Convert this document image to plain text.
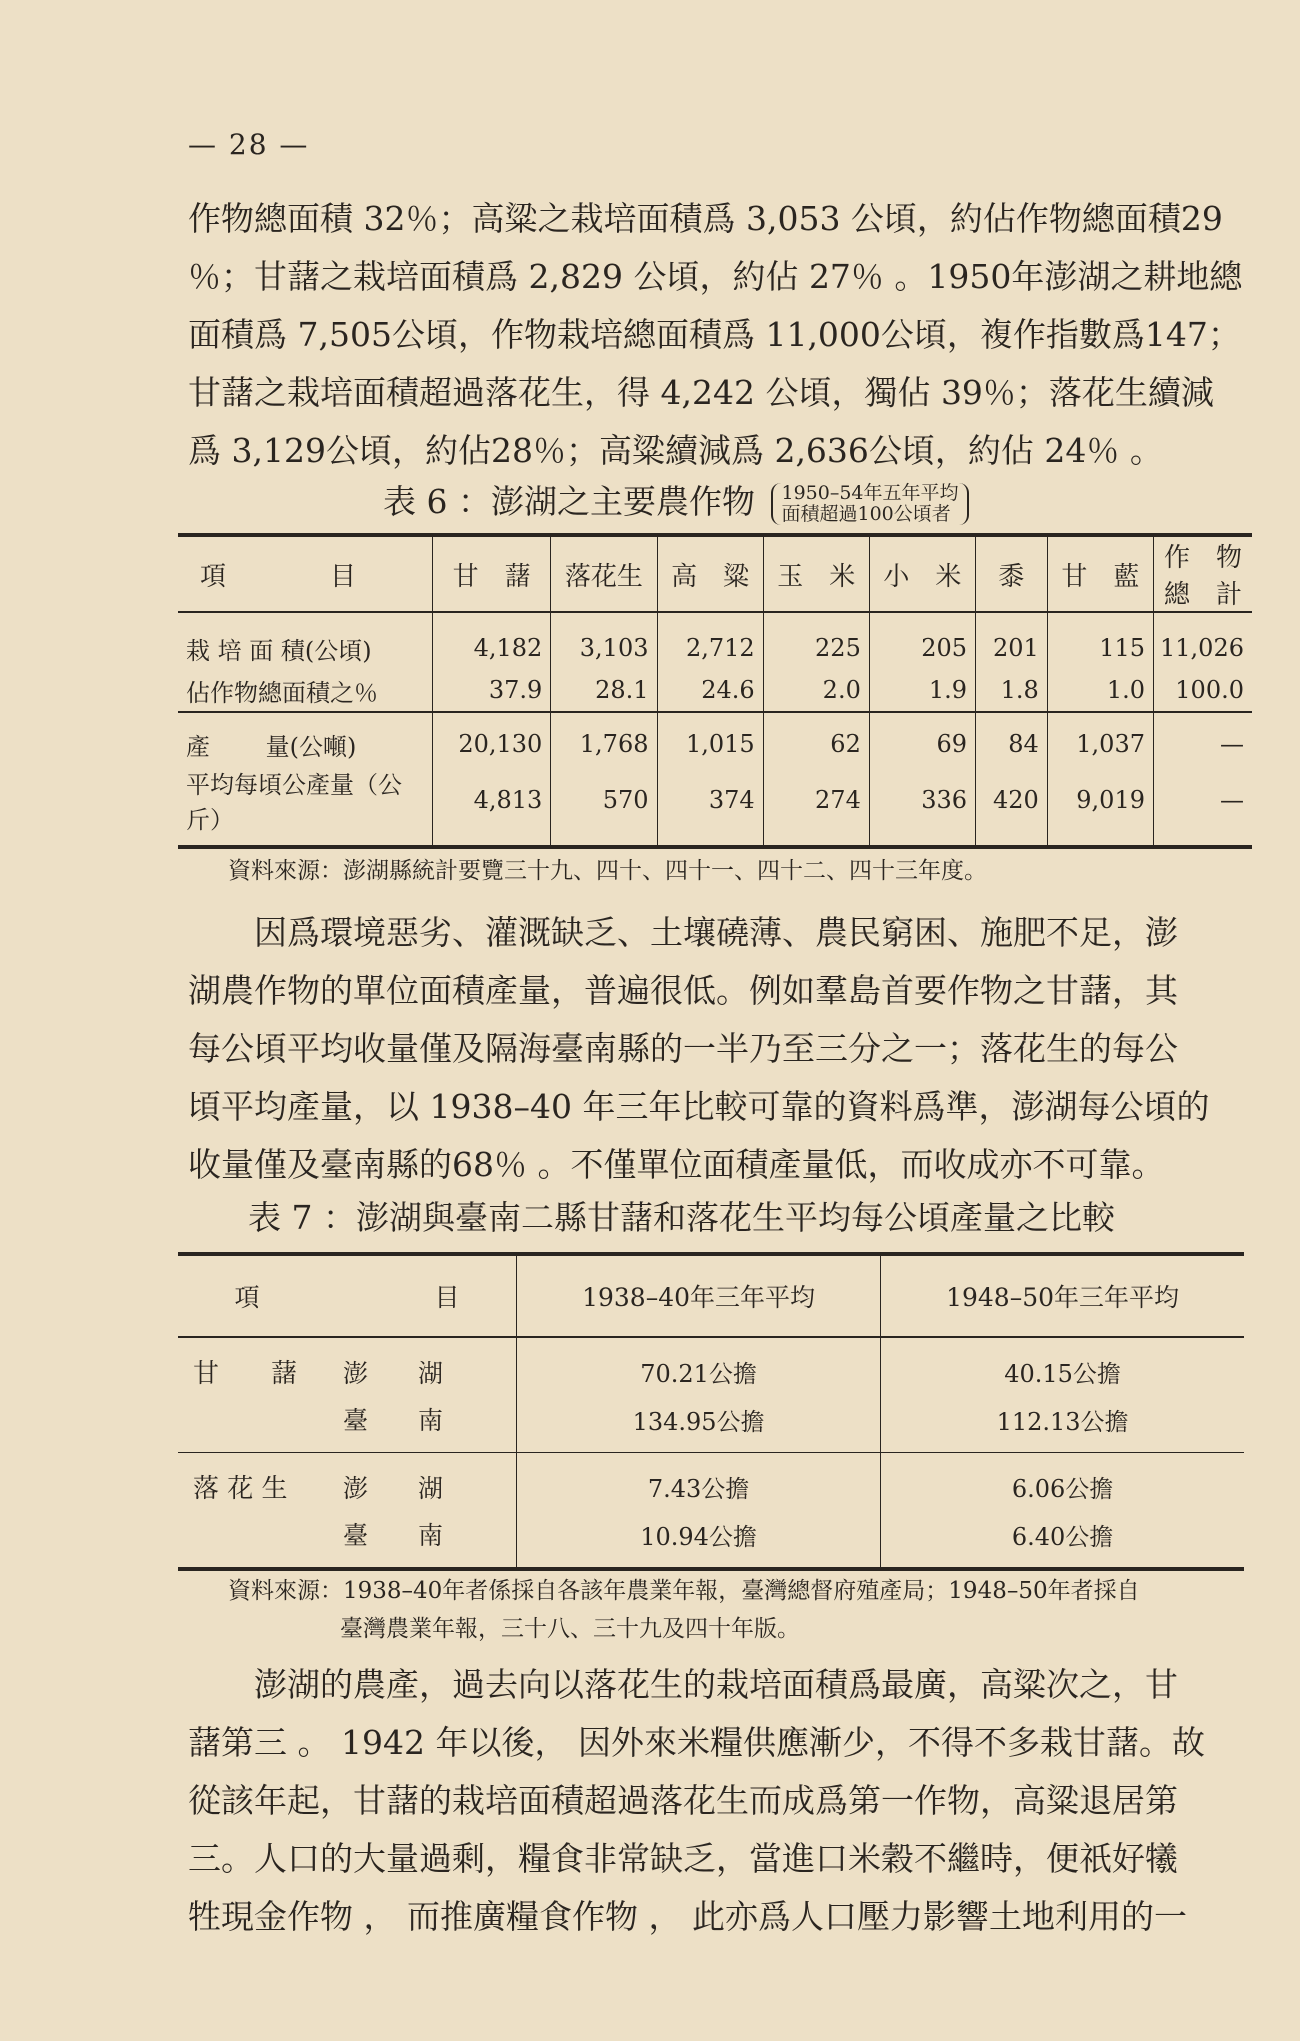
— 28 —
作物總面積 32％；高粱之栽培面積爲 3,053 公頃，約佔作物總面積29
％；甘藷之栽培面積爲 2,829 公頃，約佔 27％ 。1950年澎湖之耕地總
面積爲 7,505公頃，作物栽培總面積爲 11,000公頃，複作指數爲147；
甘藷之栽培面積超過落花生，得 4,242 公頃，獨佔 39％；落花生續減
爲 3,129公頃，約佔28％；高粱續減爲 2,636公頃，約佔 24％ 。
表 6 ：澎湖之主要農作物 1950–54年五年平均
面積超過100公頃者
項　　　　目	甘　藷	落花生	高　粱	玉　米	小　米	黍	甘　藍	作　物總　計
栽 培 面 積(公頃)	4,182	3,103	2,712	225	205	201	115	11,026
佔作物總面積之％	37.9	28.1	24.6	2.0	1.9	1.8	1.0	100.0
產　　 量(公噸)	20,130	1,768	1,015	62	69	84	1,037	—
平均每頃公產量（公　斤）	4,813	570	374	274	336	420	9,019	—
資料來源：澎湖縣統計要覽三十九、四十、四十一、四十二、四十三年度。
因爲環境惡劣、灌溉缺乏、土壤磽薄、農民窮困、施肥不足，澎
湖農作物的單位面積產量，普遍很低。例如羣島首要作物之甘藷，其
每公頃平均收量僅及隔海臺南縣的一半乃至三分之一；落花生的每公
頃平均產量，以 1938–40 年三年比較可靠的資料爲準，澎湖每公頃的
收量僅及臺南縣的68％ 。不僅單位面積產量低，而收成亦不可靠。
表 7 ：澎湖與臺南二縣甘藷和落花生平均每公頃產量之比較
項　　　　　　　目	1938–40年三年平均	1948–50年三年平均
甘　　藷 澎　　湖	70.21公擔	40.15公擔
臺　　南	134.95公擔	112.13公擔
落 花 生 澎　　湖	7.43公擔	6.06公擔
臺　　南	10.94公擔	6.40公擔
資料來源：1938–40年者係採自各該年農業年報，臺灣總督府殖產局；1948–50年者採自
臺灣農業年報，三十八、三十九及四十年版。
澎湖的農產，過去向以落花生的栽培面積爲最廣，高粱次之，甘
藷第三 。 1942 年以後， 因外來米糧供應漸少，不得不多栽甘藷。故
從該年起，甘藷的栽培面積超過落花生而成爲第一作物，高粱退居第
三。人口的大量過剩，糧食非常缺乏，當進口米穀不繼時，便祇好犧
牲現金作物 ， 而推廣糧食作物 ， 此亦爲人口壓力影響土地利用的一
